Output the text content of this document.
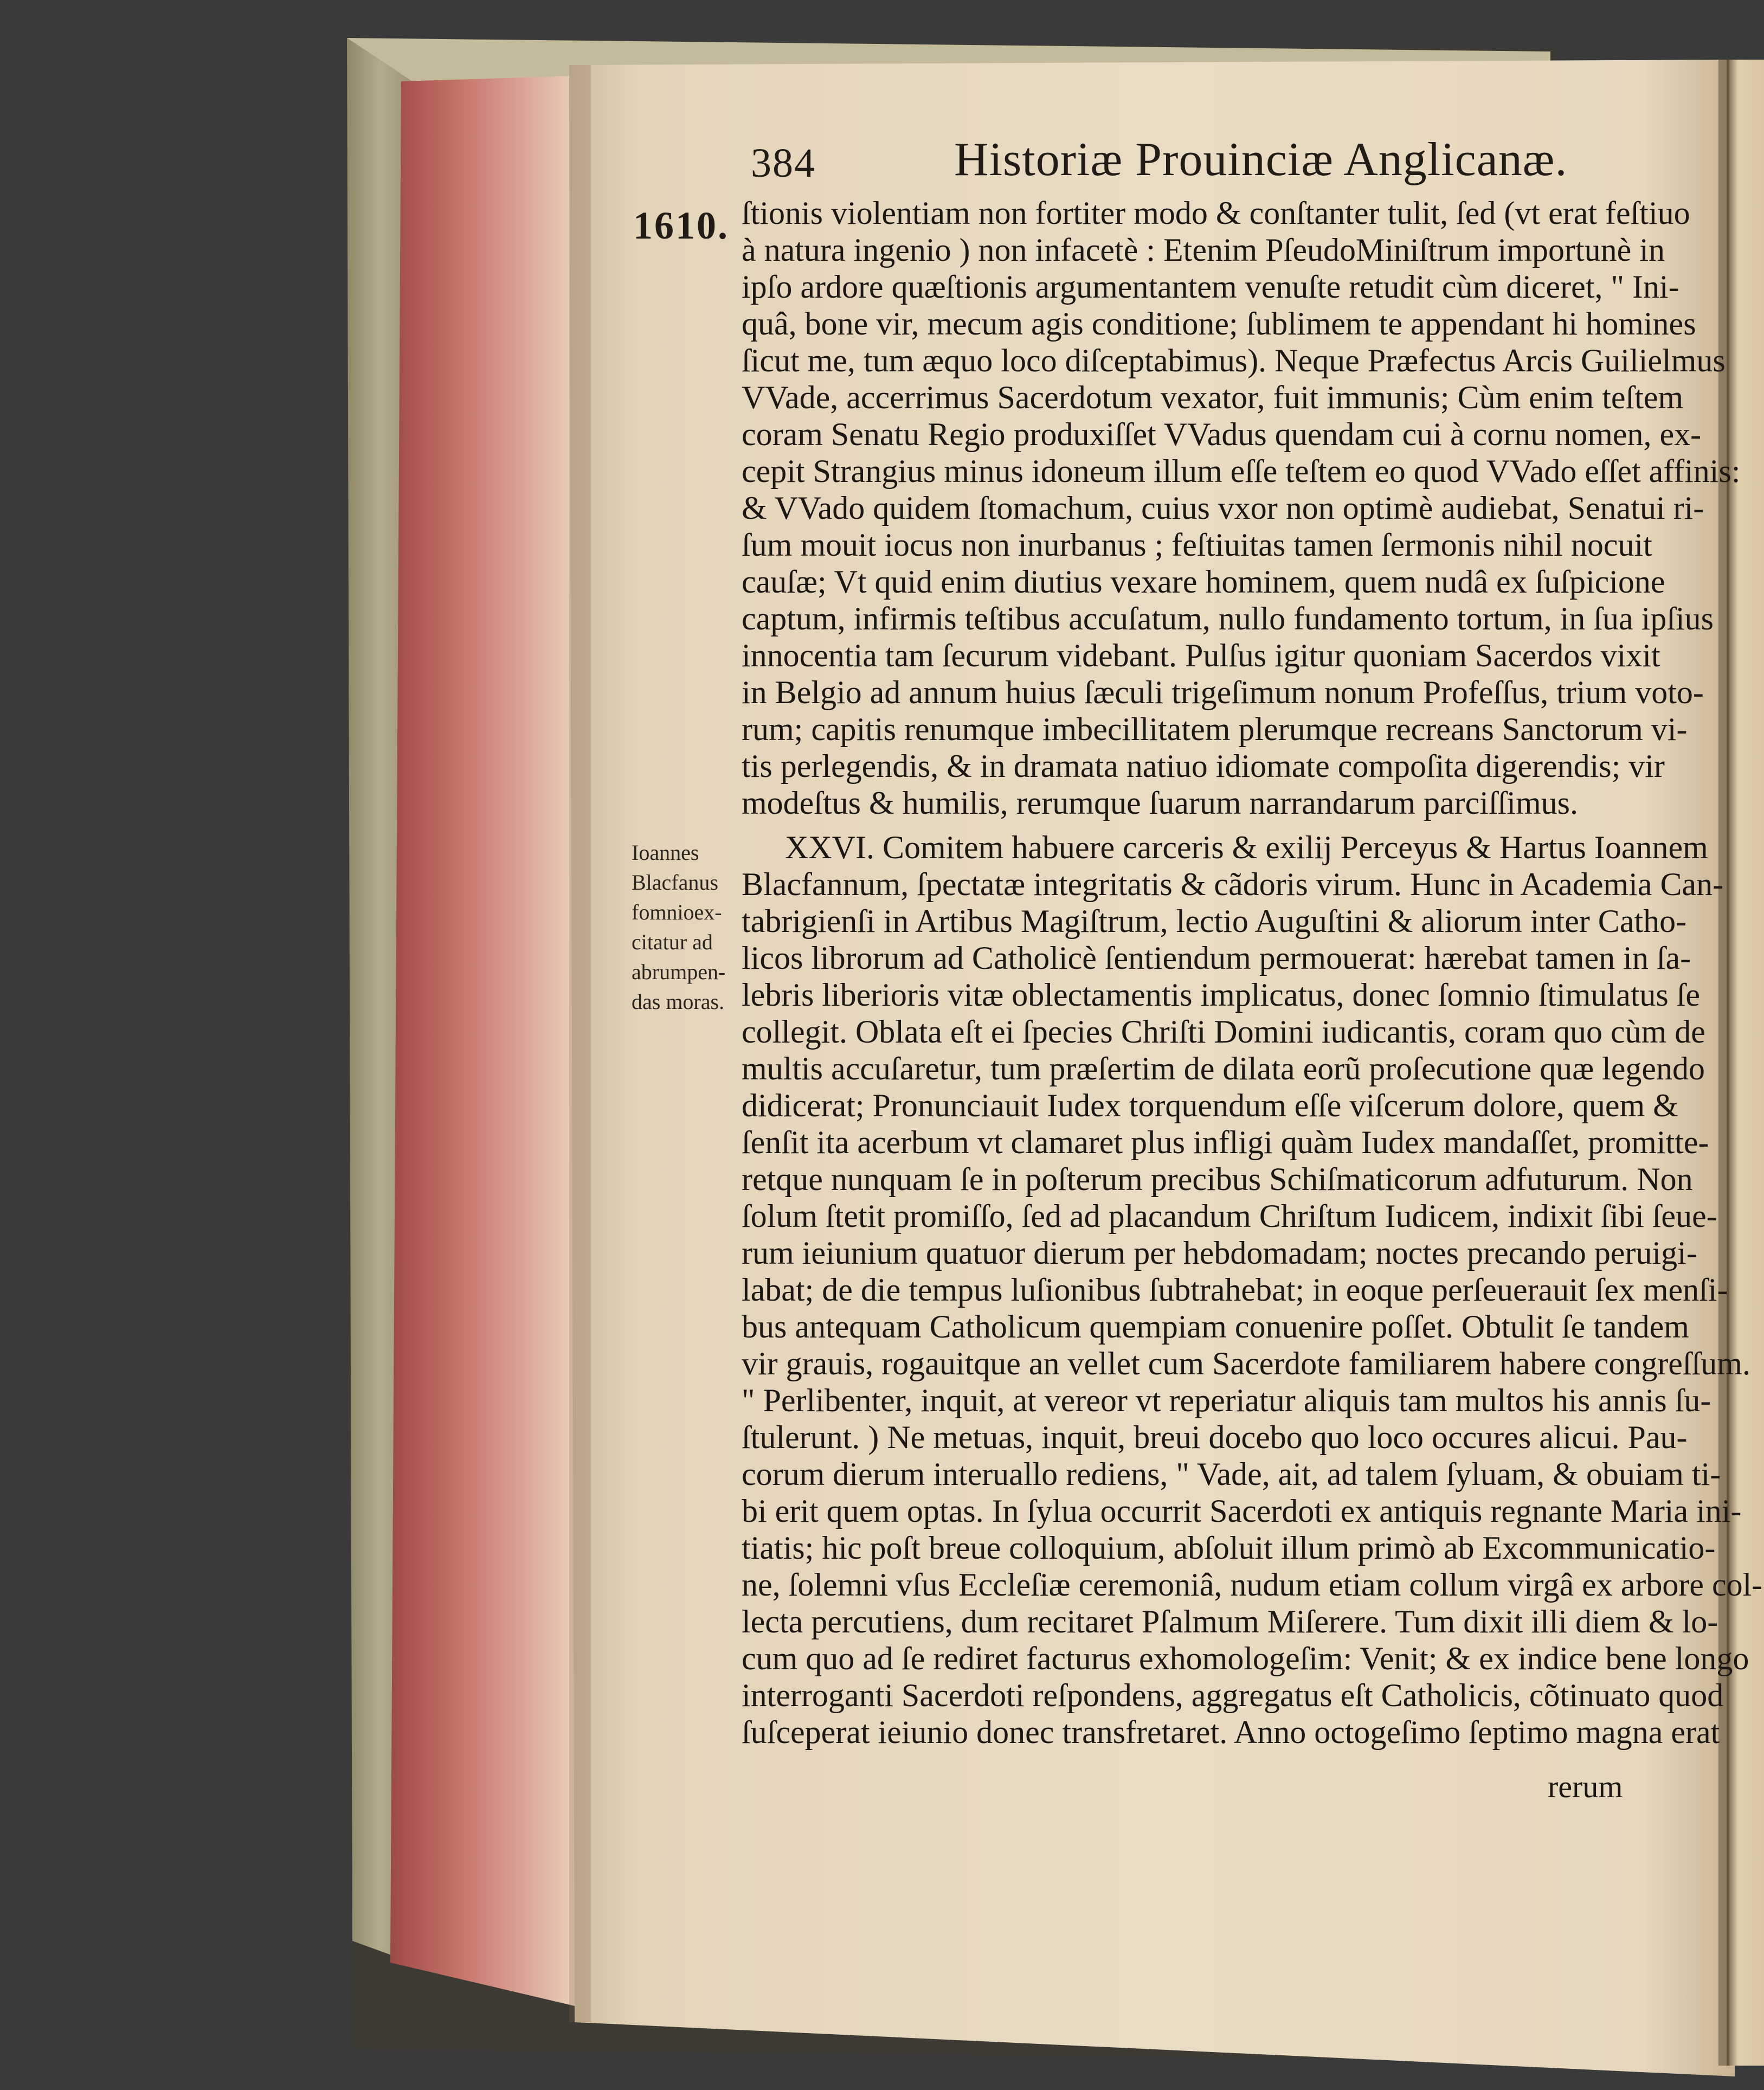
384	Historiæ Prouinciæ Anglicanæ.
1610.
Ioannes
Blacfanus
fomnioex-
citatur ad
abrumpen-
das moras.
ſtionis violentiam non fortiter modo & conſtanter tulit, ſed (vt erat feſtiuo
à natura ingenio ) non infacetè : Etenim PſeudoMiniſtrum importunè in
ipſo ardore quæſtionis argumentantem venuſte retudit cùm diceret, " Ini-
quâ, bone vir, mecum agis conditione; ſublimem te appendant hi homines
ſicut me, tum æquo loco diſceptabimus). Neque Præfectus Arcis Guilielmus
VVade, accerrimus Sacerdotum vexator, fuit immunis; Cùm enim teſtem
coram Senatu Regio produxiſſet VVadus quendam cui à cornu nomen, ex-
cepit Strangius minus idoneum illum eſſe teſtem eo quod VVado eſſet affinis:
& VVado quidem ſtomachum, cuius vxor non optimè audiebat, Senatui ri-
ſum mouit iocus non inurbanus ; feſtiuitas tamen ſermonis nihil nocuit
cauſæ; Vt quid enim diutius vexare hominem, quem nudâ ex ſuſpicione
captum, infirmis teſtibus accuſatum, nullo fundamento tortum, in ſua ipſius
innocentia tam ſecurum videbant. Pulſus igitur quoniam Sacerdos vixit
in Belgio ad annum huius ſæculi trigeſimum nonum Profeſſus, trium voto-
rum; capitis renumque imbecillitatem plerumque recreans Sanctorum vi-
tis perlegendis, & in dramata natiuo idiomate compoſita digerendis; vir
modeſtus & humilis, rerumque ſuarum narrandarum parciſſimus.
XXVI. Comitem habuere carceris & exilij Perceyus & Hartus Ioannem
Blacfannum, ſpectatæ integritatis & cãdoris virum. Hunc in Academia Can-
tabrigienſi in Artibus Magiſtrum, lectio Auguſtini & aliorum inter Catho-
licos librorum ad Catholicè ſentiendum permouerat: hærebat tamen in ſa-
lebris liberioris vitæ oblectamentis implicatus, donec ſomnio ſtimulatus ſe
collegit. Oblata eſt ei ſpecies Chriſti Domini iudicantis, coram quo cùm de
multis accuſaretur, tum præſertim de dilata eorũ proſecutione quæ legendo
didicerat; Pronunciauit Iudex torquendum eſſe viſcerum dolore, quem &
ſenſit ita acerbum vt clamaret plus infligi quàm Iudex mandaſſet, promitte-
retque nunquam ſe in poſterum precibus Schiſmaticorum adfuturum. Non
ſolum ſtetit promiſſo, ſed ad placandum Chriſtum Iudicem, indixit ſibi ſeue-
rum ieiunium quatuor dierum per hebdomadam; noctes precando peruigi-
labat; de die tempus luſionibus ſubtrahebat; in eoque perſeuerauit ſex menſi-
bus antequam Catholicum quempiam conuenire poſſet. Obtulit ſe tandem
vir grauis, rogauitque an vellet cum Sacerdote familiarem habere congreſſum.
" Perlibenter, inquit, at vereor vt reperiatur aliquis tam multos his annis ſu-
ſtulerunt. ) Ne metuas, inquit, breui docebo quo loco occures alicui. Pau-
corum dierum interuallo rediens, " Vade, ait, ad talem ſyluam, & obuiam ti-
bi erit quem optas. In ſylua occurrit Sacerdoti ex antiquis regnante Maria ini-
tiatis; hic poſt breue colloquium, abſoluit illum primò ab Excommunicatio-
ne, ſolemni vſus Eccleſiæ ceremoniâ, nudum etiam collum virgâ ex arbore col-
lecta percutiens, dum recitaret Pſalmum Miſerere. Tum dixit illi diem & lo-
cum quo ad ſe rediret facturus exhomologeſim: Venit; & ex indice bene longo
interroganti Sacerdoti reſpondens, aggregatus eſt Catholicis, cõtinuato quod
ſuſceperat ieiunio donec transfretaret. Anno octogeſimo ſeptimo magna erat
rerum
